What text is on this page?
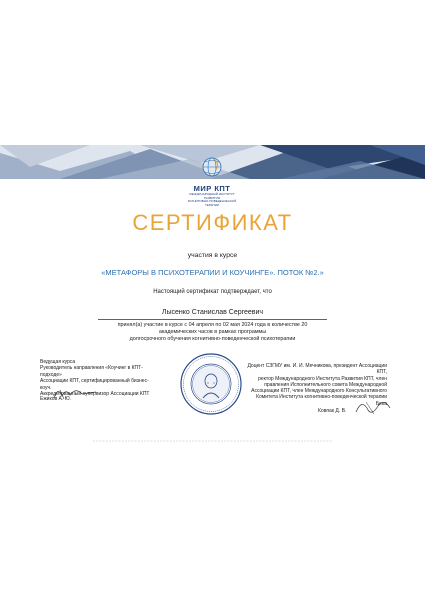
МИР КПТ
МЕЖДУНАРОДНЫЙ ИНСТИТУТ РАЗВИТИЯ
КОГНИТИВНО-ПОВЕДЕНЧЕСКОЙ
ТЕРАПИИ
СЕРТИФИКАТ
участия в курсе
«МЕТАФОРЫ В ПСИХОТЕРАПИИ И КОУЧИНГЕ». ПОТОК №2.»
Настоящий сертификат подтверждает, что
Лысенко Станислав Сергеевич
принял(а) участие в курсе с 04 апреля по 02 мая 2024 года в количестве 20 академических часов в рамках программы
долгосрочного обучения когнитивно-поведенческой психотерапии
Ведущая курса
Руководитель направления «Коучинг в КПТ-подходе»
Ассоциации КПТ, сертифицированный бизнес-коуч.
Аккредитованный супервизор Ассоциации КПТ
Ежиков А. Ю.
Доцент СЗГМУ им. И. И. Мечникова, президент Ассоциации КПТ,
ректор Международного Института Развития КПТ, член
правления Исполнительного совета Международной
Ассоциации КПТ, член Международного Консультативного
Комитета Института когнитивно-поведенческой терапии Бека
Ковпак Д. В.
